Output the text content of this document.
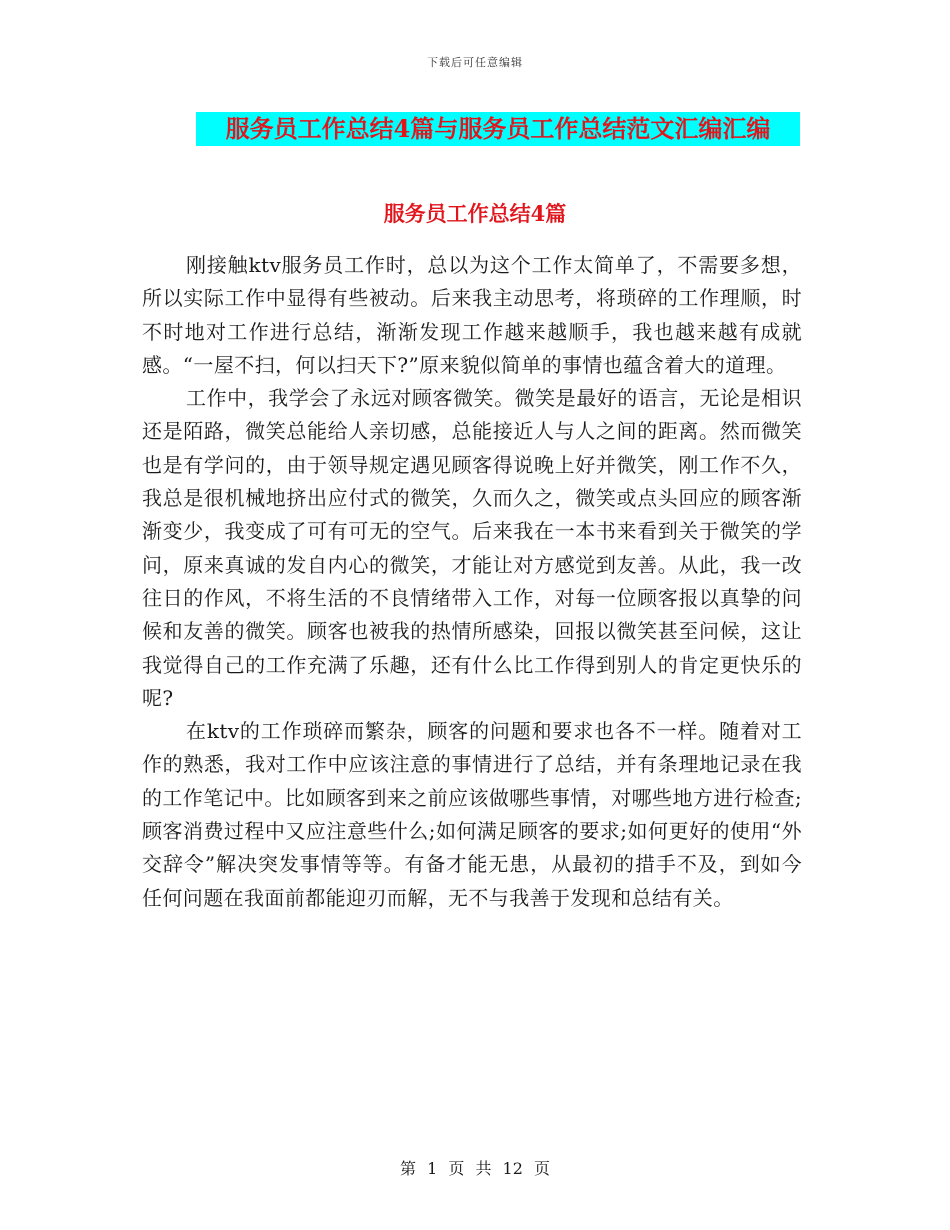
下载后可任意编辑
服务员工作总结4篇与服务员工作总结范文汇编汇编
服务员工作总结4篇

刚接触ktv服务员工作时，总以为这个工作太简单了，不需要多想，所以实际工作中显得有些被动。后来我主动思考，将琐碎的工作理顺，时不时地对工作进行总结，渐渐发现工作越来越顺手，我也越来越有成就感。“一屋不扫，何以扫天下?”原来貌似简单的事情也蕴含着大的道理。

工作中，我学会了永远对顾客微笑。微笑是最好的语言，无论是相识还是陌路，微笑总能给人亲切感，总能接近人与人之间的距离。然而微笑也是有学问的，由于领导规定遇见顾客得说晚上好并微笑，刚工作不久，我总是很机械地挤出应付式的微笑，久而久之，微笑或点头回应的顾客渐渐变少，我变成了可有可无的空气。后来我在一本书来看到关于微笑的学问，原来真诚的发自内心的微笑，才能让对方感觉到友善。从此，我一改往日的作风，不将生活的不良情绪带入工作，对每一位顾客报以真挚的问候和友善的微笑。顾客也被我的热情所感染，回报以微笑甚至问候，这让我觉得自己的工作充满了乐趣，还有什么比工作得到别人的肯定更快乐的呢?

在ktv的工作琐碎而繁杂，顾客的问题和要求也各不一样。随着对工作的熟悉，我对工作中应该注意的事情进行了总结，并有条理地记录在我的工作笔记中。比如顾客到来之前应该做哪些事情，对哪些地方进行检查;顾客消费过程中又应注意些什么;如何满足顾客的要求;如何更好的使用“外交辞令”解决突发事情等等。有备才能无患，从最初的措手不及，到如今任何问题在我面前都能迎刃而解，无不与我善于发现和总结有关。

第 1 页 共 12 页
